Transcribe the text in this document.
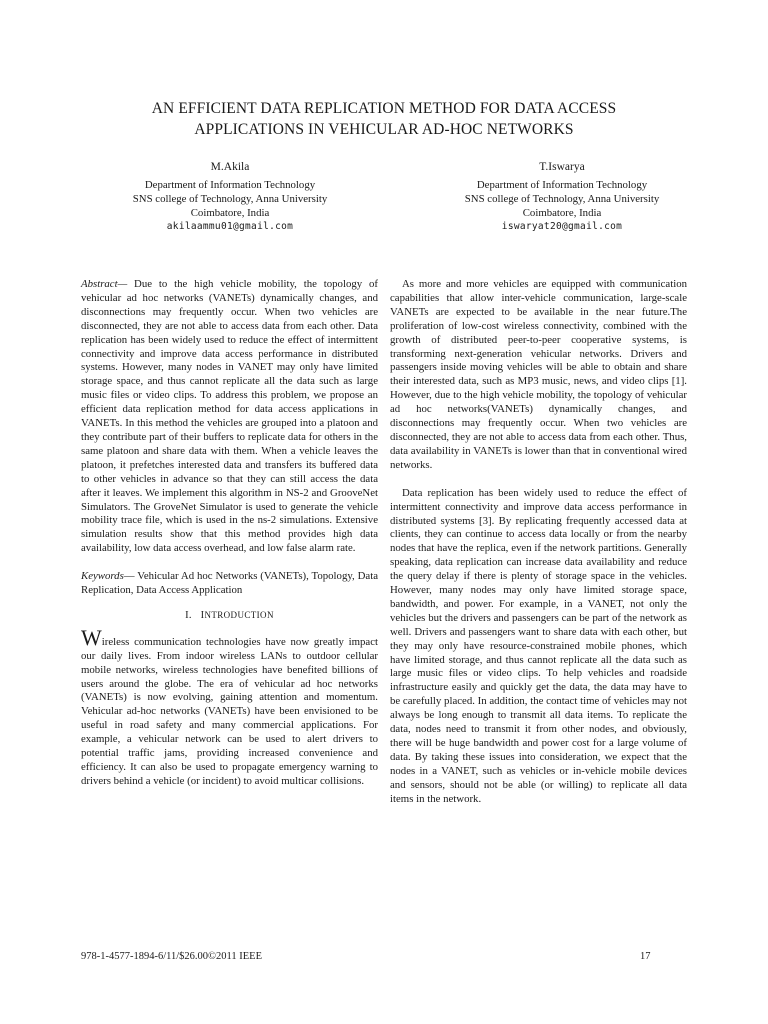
AN EFFICIENT DATA REPLICATION METHOD FOR DATA ACCESS
APPLICATIONS IN VEHICULAR AD-HOC NETWORKS
M.Akila
Department of Information Technology
SNS college of Technology, Anna University
Coimbatore, India
akilaammu01@gmail.com
T.Iswarya
Department of Information Technology
SNS college of Technology, Anna University
Coimbatore, India
iswaryat20@gmail.com

Abstract— Due to the high vehicle mobility, the topology of vehicular ad hoc networks (VANETs) dynamically changes, and disconnections may frequently occur. When two vehicles are disconnected, they are not able to access data from each other. Data replication has been widely used to reduce the effect of intermittent connectivity and improve data access performance in distributed systems. However, many nodes in VANET may only have limited storage space, and thus cannot replicate all the data such as large music files or video clips. To address this problem, we propose an efficient data replication method for data access applications in VANETs. In this method the vehicles are grouped into a platoon and they contribute part of their buffers to replicate data for others in the same platoon and share data with them. When a vehicle leaves the platoon, it prefetches interested data and transfers its buffered data to other vehicles in advance so that they can still access the data after it leaves. We implement this algorithm in NS-2 and GrooveNet Simulators. The GroveNet Simulator is used to generate the vehicle mobility trace file, which is used in the ns-2 simulations. Extensive simulation results show that this method provides high data availability, low data access overhead, and low false alarm rate.

Keywords— Vehicular Ad hoc Networks (VANETs), Topology, Data Replication, Data Access Application

I. INTRODUCTION

Wireless communication technologies have now greatly impact our daily lives. From indoor wireless LANs to outdoor cellular mobile networks, wireless technologies have benefited billions of users around the globe. The era of vehicular ad hoc networks (VANETs) is now evolving, gaining attention and momentum. Vehicular ad-hoc networks (VANETs) have been envisioned to be useful in road safety and many commercial applications. For example, a vehicular network can be used to alert drivers to potential traffic jams, providing increased convenience and efficiency. It can also be used to propagate emergency warning to drivers behind a vehicle (or incident) to avoid multicar collisions.

As more and more vehicles are equipped with communication capabilities that allow inter-vehicle communication, large-scale VANETs are expected to be available in the near future.The proliferation of low-cost wireless connectivity, combined with the growth of distributed peer-to-peer cooperative systems, is transforming next-generation vehicular networks. Drivers and passengers inside moving vehicles will be able to obtain and share their interested data, such as MP3 music, news, and video clips [1]. However, due to the high vehicle mobility, the topology of vehicular ad hoc networks(VANETs) dynamically changes, and disconnections may frequently occur. When two vehicles are disconnected, they are not able to access data from each other. Thus, data availability in VANETs is lower than that in conventional wired networks.

Data replication has been widely used to reduce the effect of intermittent connectivity and improve data access performance in distributed systems [3]. By replicating frequently accessed data at clients, they can continue to access data locally or from the nearby nodes that have the replica, even if the network partitions. Generally speaking, data replication can increase data availability and reduce the query delay if there is plenty of storage space in the vehicles. However, many nodes may only have limited storage space, bandwidth, and power. For example, in a VANET, not only the vehicles but the drivers and passengers can be part of the network as well. Drivers and passengers want to share data with each other, but they may only have resource-constrained mobile phones, which have limited storage, and thus cannot replicate all the data such as large music files or video clips. To help vehicles and roadside infrastructure easily and quickly get the data, the data may have to be carefully placed. In addition, the contact time of vehicles may not always be long enough to transmit all data items. To replicate the data, nodes need to transmit it from other nodes, and obviously, there will be huge bandwidth and power cost for a large volume of data. By taking these issues into consideration, we expect that the nodes in a VANET, such as vehicles or in-vehicle mobile devices and sensors, should not be able (or willing) to replicate all data items in the network.

978-1-4577-1894-6/11/$26.00©2011 IEEE	17
